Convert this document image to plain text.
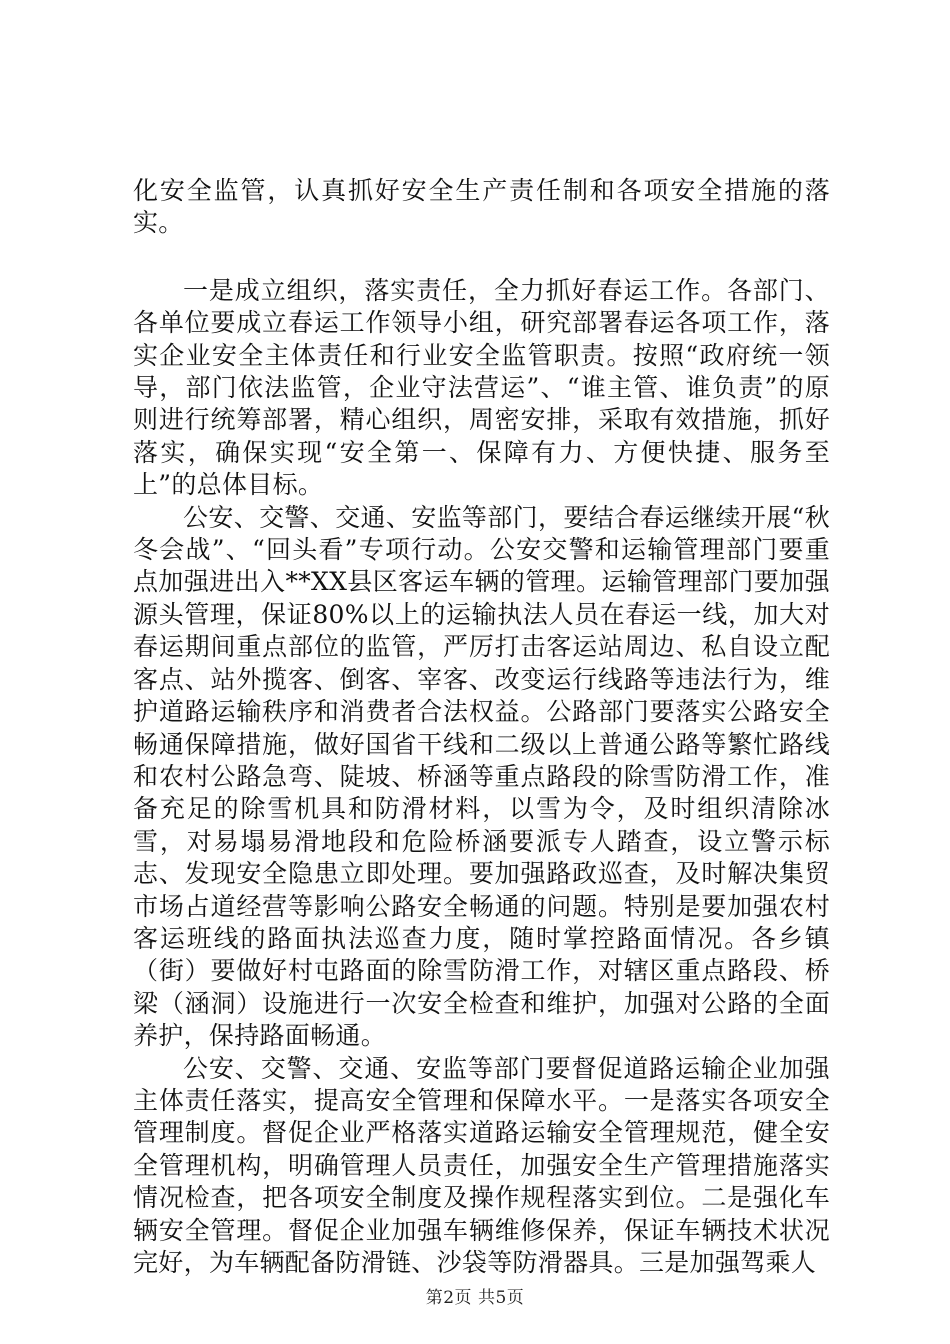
化安全监管，认真抓好安全生产责任制和各项安全措施的落实。

一是成立组织，落实责任，全力抓好春运工作。各部门、各单位要成立春运工作领导小组，研究部署春运各项工作，落实企业安全主体责任和行业安全监管职责。按照“政府统一领导，部门依法监管，企业守法营运”、“谁主管、谁负责”的原则进行统筹部署，精心组织，周密安排，采取有效措施，抓好落实，确保实现“安全第一、保障有力、方便快捷、服务至上”的总体目标。

公安、交警、交通、安监等部门，要结合春运继续开展“秋冬会战”、“回头看”专项行动。公安交警和运输管理部门要重点加强进出入**XX县区客运车辆的管理。运输管理部门要加强源头管理，保证80%以上的运输执法人员在春运一线，加大对春运期间重点部位的监管，严厉打击客运站周边、私自设立配客点、站外揽客、倒客、宰客、改变运行线路等违法行为，维护道路运输秩序和消费者合法权益。公路部门要落实公路安全畅通保障措施，做好国省干线和二级以上普通公路等繁忙路线和农村公路急弯、陡坡、桥涵等重点路段的除雪防滑工作，准备充足的除雪机具和防滑材料，以雪为令，及时组织清除冰雪，对易塌易滑地段和危险桥涵要派专人踏查，设立警示标志、发现安全隐患立即处理。要加强路政巡查，及时解决集贸市场占道经营等影响公路安全畅通的问题。特别是要加强农村客运班线的路面执法巡查力度，随时掌控路面情况。各乡镇（街）要做好村屯路面的除雪防滑工作，对辖区重点路段、桥梁（涵洞）设施进行一次安全检查和维护，加强对公路的全面养护，保持路面畅通。

公安、交警、交通、安监等部门要督促道路运输企业加强主体责任落实，提高安全管理和保障水平。一是落实各项安全管理制度。督促企业严格落实道路运输安全管理规范，健全安全管理机构，明确管理人员责任，加强安全生产管理措施落实情况检查，把各项安全制度及操作规程落实到位。二是强化车辆安全管理。督促企业加强车辆维修保养，保证车辆技术状况完好，为车辆配备防滑链、沙袋等防滑器具。三是加强驾乘人

第2页 共5页
